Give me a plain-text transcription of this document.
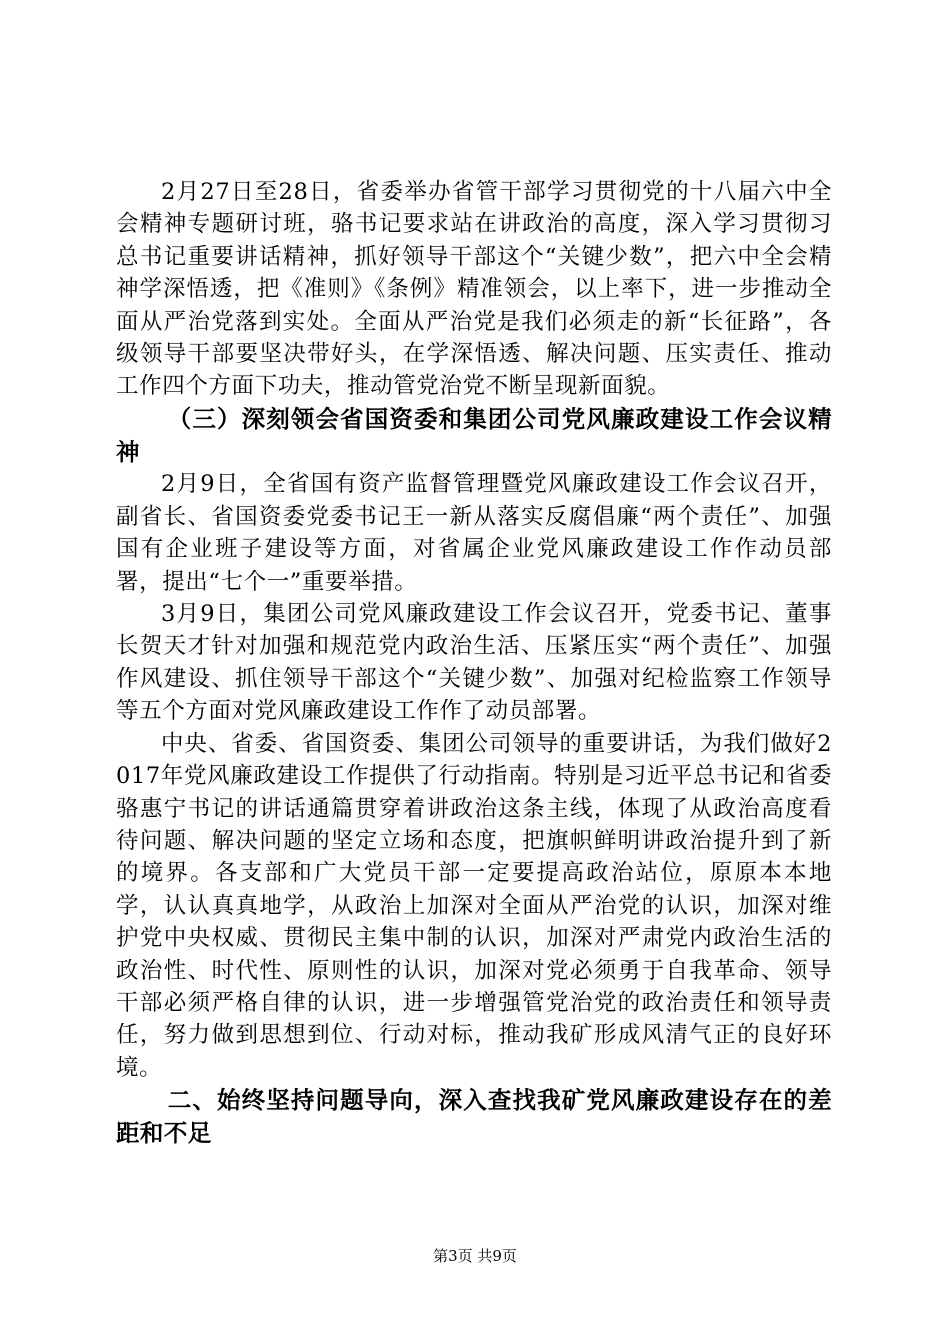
2月27日至28日，省委举办省管干部学习贯彻党的十八届六中全会精神专题研讨班，骆书记要求站在讲政治的高度，深入学习贯彻习总书记重要讲话精神，抓好领导干部这个“关键少数”，把六中全会精神学深悟透，把《准则》《条例》精准领会，以上率下，进一步推动全面从严治党落到实处。全面从严治党是我们必须走的新“长征路”，各级领导干部要坚决带好头，在学深悟透、解决问题、压实责任、推动工作四个方面下功夫，推动管党治党不断呈现新面貌。

（三）深刻领会省国资委和集团公司党风廉政建设工作会议精神

2月9日，全省国有资产监督管理暨党风廉政建设工作会议召开，副省长、省国资委党委书记王一新从落实反腐倡廉“两个责任”、加强国有企业班子建设等方面，对省属企业党风廉政建设工作作动员部署，提出“七个一”重要举措。

3月9日，集团公司党风廉政建设工作会议召开，党委书记、董事长贺天才针对加强和规范党内政治生活、压紧压实“两个责任”、加强作风建设、抓住领导干部这个“关键少数”、加强对纪检监察工作领导等五个方面对党风廉政建设工作作了动员部署。

中央、省委、省国资委、集团公司领导的重要讲话，为我们做好2017年党风廉政建设工作提供了行动指南。特别是习近平总书记和省委骆惠宁书记的讲话通篇贯穿着讲政治这条主线，体现了从政治高度看待问题、解决问题的坚定立场和态度，把旗帜鲜明讲政治提升到了新的境界。各支部和广大党员干部一定要提高政治站位，原原本本地学，认认真真地学，从政治上加深对全面从严治党的认识，加深对维护党中央权威、贯彻民主集中制的认识，加深对严肃党内政治生活的政治性、时代性、原则性的认识，加深对党必须勇于自我革命、领导干部必须严格自律的认识，进一步增强管党治党的政治责任和领导责任，努力做到思想到位、行动对标，推动我矿形成风清气正的良好环境。

二、始终坚持问题导向，深入查找我矿党风廉政建设存在的差距和不足

第3页 共9页
